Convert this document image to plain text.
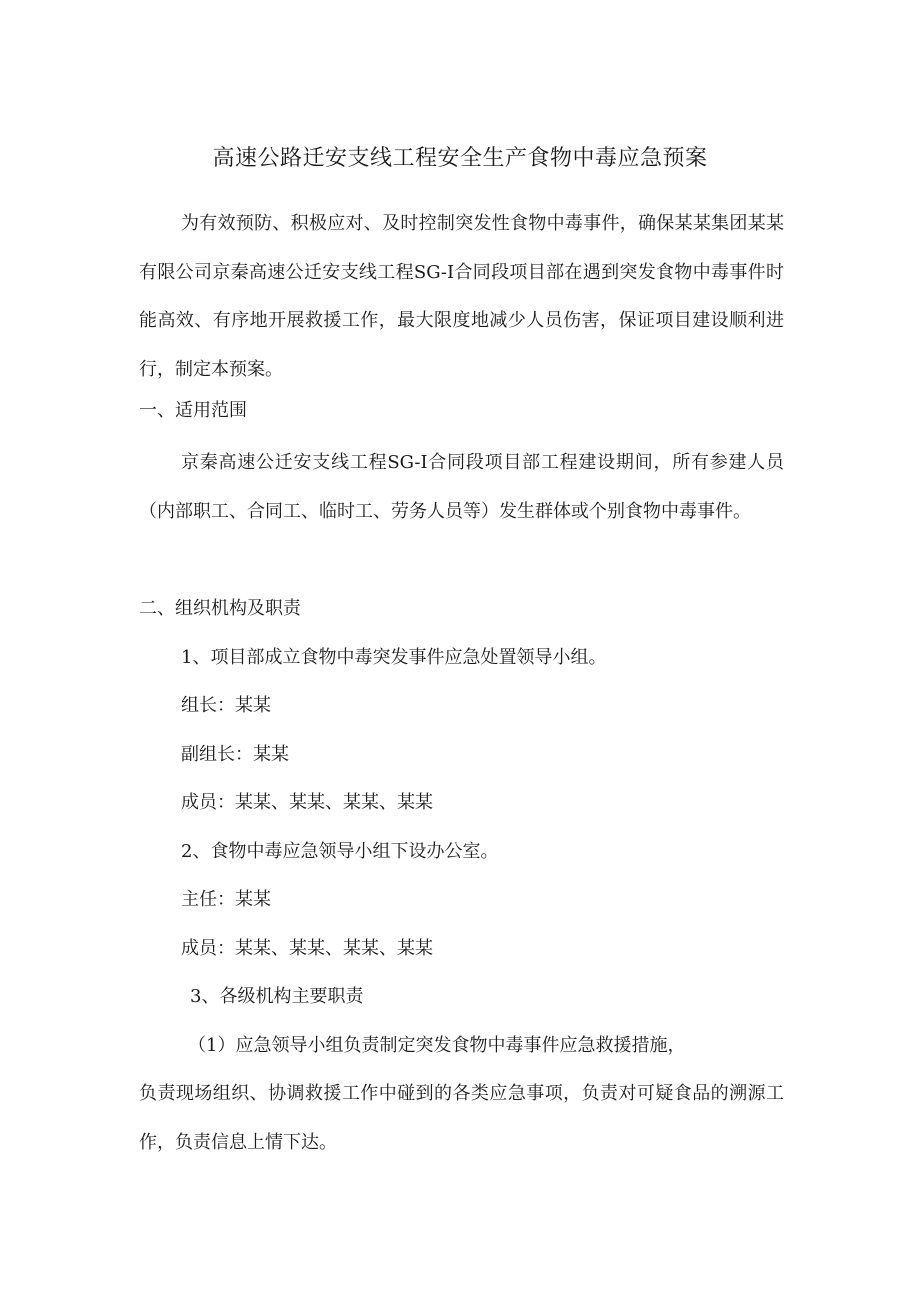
高速公路迁安支线工程安全生产食物中毒应急预案

为有效预防、积极应对、及时控制突发性食物中毒事件，确保某某集团某某有限公司京秦高速公迁安支线工程SG-I合同段项目部在遇到突发食物中毒事件时能高效、有序地开展救援工作，最大限度地减少人员伤害，保证项目建设顺利进行，制定本预案。

一、适用范围

京秦高速公迁安支线工程SG-I合同段项目部工程建设期间，所有参建人员（内部职工、合同工、临时工、劳务人员等）发生群体或个别食物中毒事件。

二、组织机构及职责
1、项目部成立食物中毒突发事件应急处置领导小组。
组长：某某
副组长：某某
成员：某某、某某、某某、某某
2、食物中毒应急领导小组下设办公室。
主任：某某
成员：某某、某某、某某、某某
3、各级机构主要职责
（1）应急领导小组负责制定突发食物中毒事件应急救援措施，

负责现场组织、协调救援工作中碰到的各类应急事项，负责对可疑食品的溯源工作，负责信息上情下达。
